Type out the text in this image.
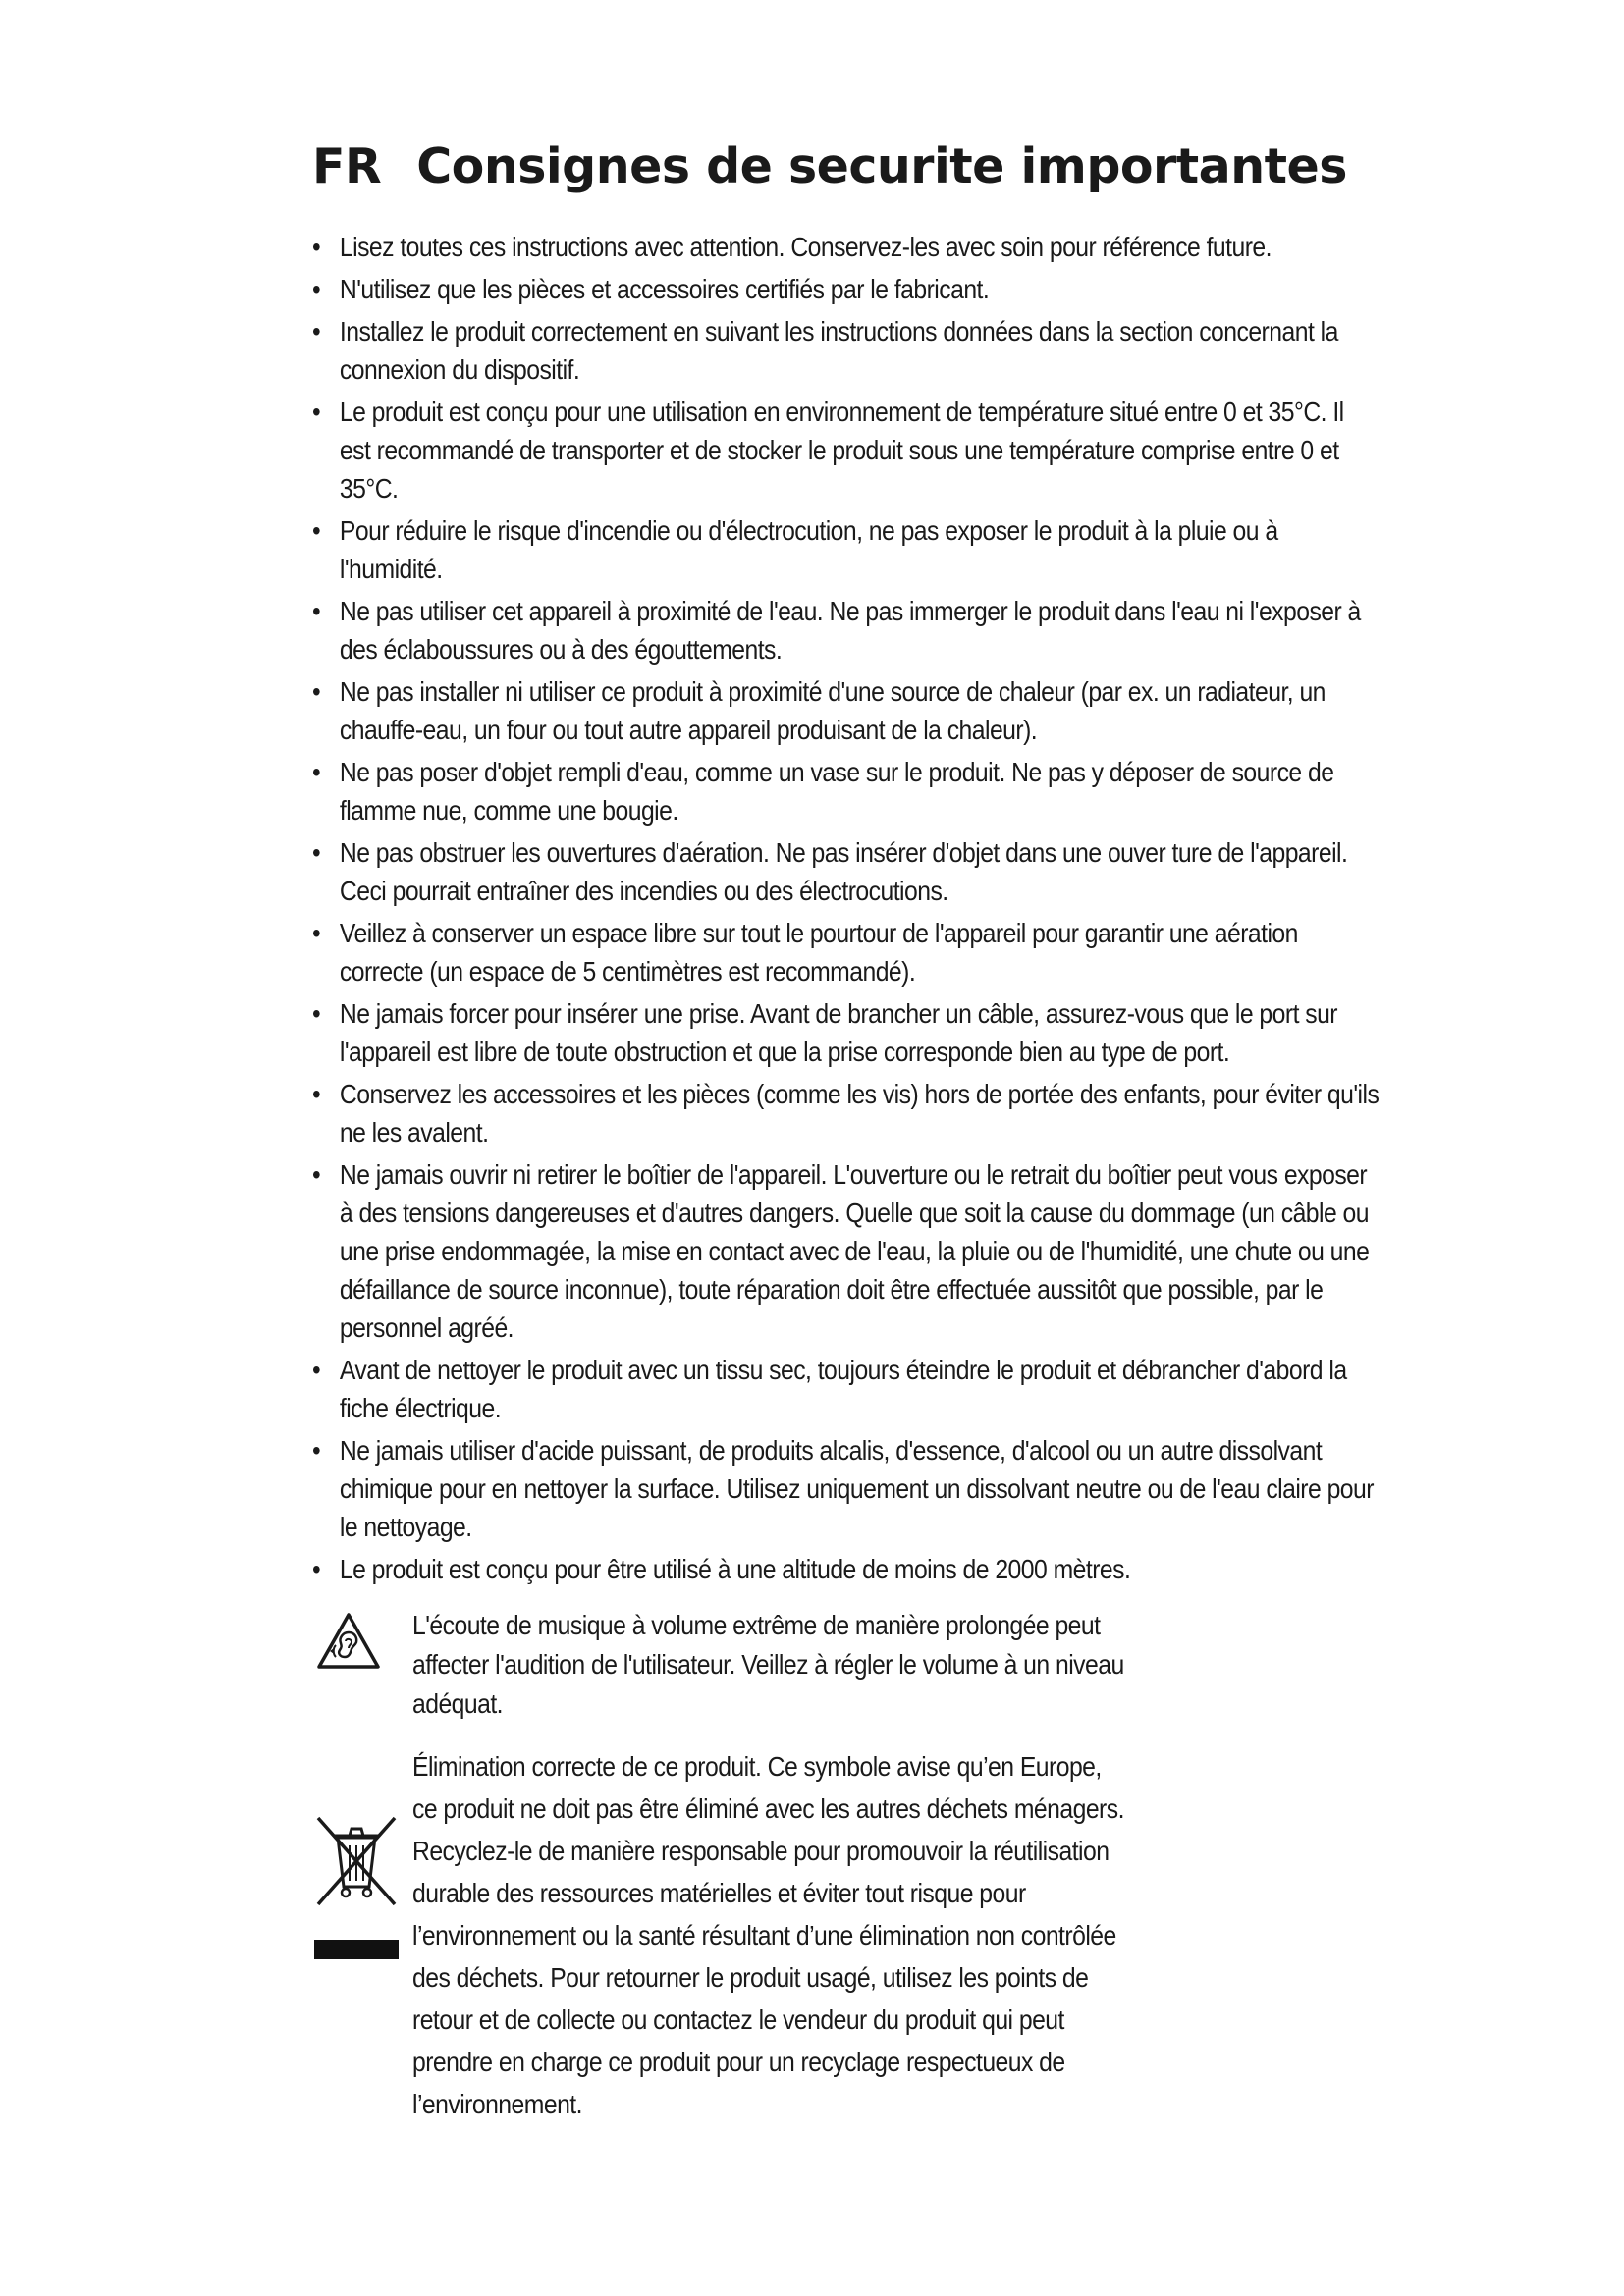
FR Consignes de securite importantes
• Lisez toutes ces instructions avec attention. Conservez-les avec soin pour référence future.
• N'utilisez que les pièces et accessoires certifiés par le fabricant.
• Installez le produit correctement en suivant les instructions données dans la section concernant la connexion du dispositif.
• Le produit est conçu pour une utilisation en environnement de température situé entre 0 et 35°C. Il est recommandé de transporter et de stocker le produit sous une température comprise entre 0 et 35°C.
• Pour réduire le risque d'incendie ou d'électrocution, ne pas exposer le produit à la pluie ou à l'humidité.
• Ne pas utiliser cet appareil à proximité de l'eau. Ne pas immerger le produit dans l'eau ni l'exposer à des éclaboussures ou à des égouttements.
• Ne pas installer ni utiliser ce produit à proximité d'une source de chaleur (par ex. un radiateur, un chauffe-eau, un four ou tout autre appareil produisant de la chaleur).
• Ne pas poser d'objet rempli d'eau, comme un vase sur le produit. Ne pas y déposer de source de flamme nue, comme une bougie.
• Ne pas obstruer les ouvertures d'aération. Ne pas insérer d'objet dans une ouver ture de l'appareil. Ceci pourrait entraîner des incendies ou des électrocutions.
• Veillez à conserver un espace libre sur tout le pourtour de l'appareil pour garantir une aération correcte (un espace de 5 centimètres est recommandé).
• Ne jamais forcer pour insérer une prise. Avant de brancher un câble, assurez-vous que le port sur l'appareil est libre de toute obstruction et que la prise corresponde bien au type de port.
• Conservez les accessoires et les pièces (comme les vis) hors de portée des enfants, pour éviter qu'ils ne les avalent.
• Ne jamais ouvrir ni retirer le boîtier de l'appareil. L'ouverture ou le retrait du boîtier peut vous exposer à des tensions dangereuses et d'autres dangers. Quelle que soit la cause du dommage (un câble ou une prise endommagée, la mise en contact avec de l'eau, la pluie ou de l'humidité, une chute ou une défaillance de source inconnue), toute réparation doit être effectuée aussitôt que possible, par le personnel agréé.
• Avant de nettoyer le produit avec un tissu sec, toujours éteindre le produit et débrancher d'abord la fiche électrique.
• Ne jamais utiliser d'acide puissant, de produits alcalis, d'essence, d'alcool ou un autre dissolvant chimique pour en nettoyer la surface. Utilisez uniquement un dissolvant neutre ou de l'eau claire pour le nettoyage.
• Le produit est conçu pour être utilisé à une altitude de moins de 2000 mètres.
L'écoute de musique à volume extrême de manière prolongée peut affecter l'audition de l'utilisateur. Veillez à régler le volume à un niveau adéquat.
Élimination correcte de ce produit. Ce symbole avise qu’en Europe, ce produit ne doit pas être éliminé avec les autres déchets ménagers. Recyclez-le de manière responsable pour promouvoir la réutilisation durable des ressources matérielles et éviter tout risque pour l’environnement ou la santé résultant d’une élimination non contrôlée des déchets. Pour retourner le produit usagé, utilisez les points de retour et de collecte ou contactez le vendeur du produit qui peut prendre en charge ce produit pour un recyclage respectueux de l’environnement.
